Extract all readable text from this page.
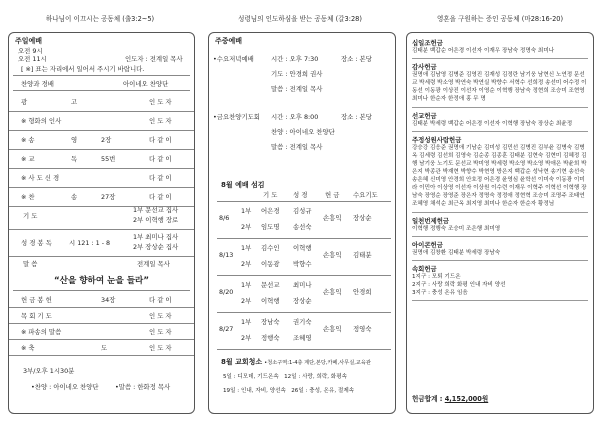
하나님이 이끄시는 공동체 (출3:2~5)
주일예배
오전 9시
오전 11시	인도자 : 전계일 목사
[ ※] 표는 자리에서 일어서 주시기 바랍니다.
찬양과 경배	아이네오 찬양단
광	고	인 도 자
※ 형화의 인사	인 도 자
※ 송	영	2장	다 같 이
※ 교	독	55번	다 같 이
※ 사 도 신 경	다 같 이
※ 찬	송	27장	다 같 이
기 도
1부 문선교 집사
2부 이혁행 장로
성 경 봉 독	시 121 : 1 - 8
1부 최미나 집사
2부 장상순 집사
말 씀	전계일 목사
“산을 향하여 눈을 들라”
헌 금 봉 헌	34장	다 같 이
목 회 기 도	인 도 자
※ 파송의 말씀	인 도 자
※ 축	도	인 도 자
3부/오후 1시30분
•찬양 : 아이네오 찬양단	•말씀 : 한화정 목사
성령님의 인도하심을 받는 공동체 (갈3:28)
주중예배
•수요저녁예배	시간 : 오후 7:30	장소 : 본당
기도 : 안경희 권사
말씀 : 전계일 목사
•금요찬양기도회 시간 : 오후 8:00	장소 : 본당
찬양 : 아이네오 찬양단
말씀 : 전계일 목사
8월 예배 섬김
기 도 성 경	헌 금 수요기도
8/6
1부 어은경 김성규
2부 임도명 송선숙
손흥익 장상순
8/13
1부 김수인 이혁행
2부 이동광 박향수
손흥익 김태분
8/20
1부 문선교 최미나
2부 이혁행 장상순
손흥익 안경희
8/27
1부 장남숙 권기숙
2부 정행숙 조혜영
손흥익 정영숙
8월 교회청소 •청소구역:1-4층 계단,본당,카페,사무실,교육관
5일 : 디모데, 기드온속   12일 : 사랑, 희락, 화평속
19일 : 인내, 자비, 양선속   26일 : 충성, 온유, 절제속
영혼을 구원하는 증인 공동체 (마28:16-20)
십일조헌금
김태분 백갑순 어은경 이선자 이재우 장남숙 정명숙 최미나
감사헌금
권명애 김남영 김병준 김영진 김재성 김정란 남기웅 남현신 노연정 문선교 박세령 박소영 박연숙 박연실 박향수 서혁수 선희정 송선미 어수정 이동선 이동광 이상진 이선자 이영순 이혁행 장남숙 정현희 조승미 조현영 최미나 한순자 한정애 홍 무 명
선교헌금
김태분 박세령 백갑순 어은경 이선자 이혁행 장남숙 장상순 최윤정
주정성원사람헌금
강승강 김응준 권명애 기남순 김미성 김민선 김병진 김부윤 김병숙 김병옥 김세령 김선희 김영숙 김순종 김종훈 김태분 김현숙 김현미 김혜정 김행 남기웅 노기도 문선교 박미영 박세령 박소영 박소영 박애은 박윤희 박은지 박종관 박재현 박향수 박현영 방은지 백갑순 성낙현 송기현 송선숙 송은혜 신미영 안경희 안호정 어은경 윤영심 윤학선 이미숙 이동광 이미라 이민아 이상영 이선자 이상원 이수련 이재우 이혁주 이혁선 이혁행 장남숙 장영순 장영준 장은자 정명숙 정정애 정현혁 조승미 조명주 조태연 조혜영 채석순 최근옥 최지영 최미나 한순자 한순자 황정님
일천번제헌금
이혁행 정행숙 조승미 조은행 최미영
아이콘헌금
권명애 김창환 김태분 박세령 장남숙
속회헌금
1지구 : 모퇴 기드온
2지구 : 사랑 희락 화평 인내 자비 양선
3지구 : 충성 온유 임음
헌금합계 : 4,152,000원
